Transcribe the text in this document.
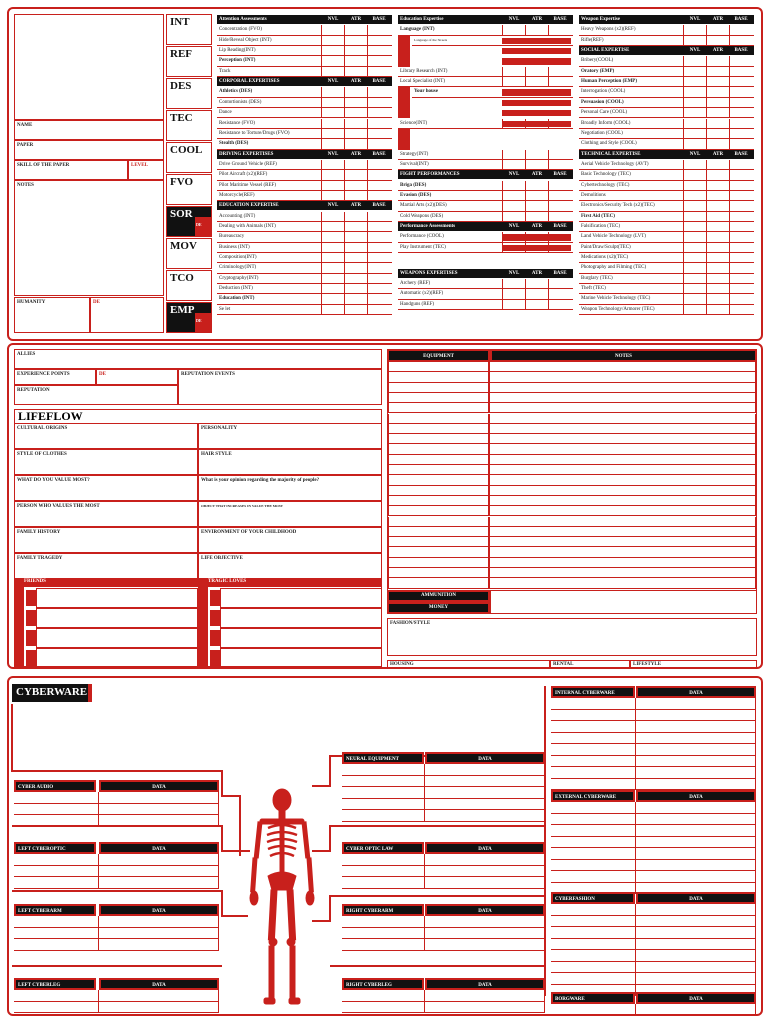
NAME
PAPER
SKILL OF THE PAPER	LEVEL
NOTES
HUMANITY	DE
INT
REF
DES
TEC
COOL
FVO
SOR
DE
MOV
TCO
EMP
DE
Attention Assessments	NVL	ATR	BASE
Concentration (FVO)
Hide/Reveal Object (INT)
Lip Reading(INT)
Perception (INT)
Track
CORPORAL EXPERTISES	NVL	ATR	BASE
Athletics (DES)
Contortionists (DES)
Dance
Resistance (FVO)
Resistance to Torture/Drugs (FVO)
Stealth (DES)
DRIVING EXPERTISES	NVL	ATR	BASE
Drive Ground Vehicle (REF)
Pilot Aircraft (x2)(REF)
Pilot Maritime Vessel (REF)
Motorcycle(REF)
EDUCATION EXPERTISE	NVL	ATR	BASE
Accounting (INT)
Dealing with Animals (INT)
Bureaucracy
Business (INT)
Composition(INT)
Criminology(INT)
Cryptography(INT)
Deduction (INT)
Education (INT)
Se let
Education Expertise	NVL	ATR	BASE
Language (INT)
Language of the Streets
Library Research (INT)
Local Specialist (INT)
Your house
Science(INT)
Strategy(INT)
Survival(INT)
FIGHT PERFORMANCES	NVL	ATR	BASE
Briga (DES)
Evasion (DES)
Martial Arts (x2)(DES)
Cold Weapons (DES)
Performance Assessments	NVL	ATR	BASE
Performance (COOL)
Play Instrument (TEC)
WEAPONS EXPERTISES	NVL	ATR	BASE
Archery (REF)
Automatic (x2)(REF)
Handguns (REF)
Weapon Expertise	NVL	ATR	BASE
Heavy Weapons (x2)(REF)
Rifle(REF)
SOCIAL EXPERTISE	NVL	ATR	BASE
Bribery(COOL)
Oratory (EMP)
Human Perception (EMP)
Interrogation (COOL)
Persuasion (COOL)
Personal Care (COOL)
Broadly Inform (COOL)
Negotiation (COOL)
Clothing and Style (COOL)
TECHNICAL EXPERTISE	NVL	ATR	BASE
Aerial Vehicle Technology (AVT)
Basic Technology (TEC)
Cybertechnology (TEC)
Demolitions
Electronics/Security Tech (x2)(TEC)
First Aid (TEC)
Falsification (TEC)
Land Vehicle Technology (LVT)
Paint/Draw/Sculpt(TEC)
Medications (x2)(TEC)
Photography and Filming (TEC)
Burglary (TEC)
Theft (TEC)
Marine Vehicle Technology (TEC)
Weapon Technology/Armorer (TEC)
ALLIES
EXPERIENCE POINTS	DE	REPUTATION EVENTS
REPUTATION
LIFEFLOW
CULTURAL ORIGINS	PERSONALITY
STYLE OF CLOTHES	HAIR STYLE
WHAT DO YOU VALUE MOST?	What is your opinion regarding the majority of people?
PERSON WHO VALUES THE MOST	OBJECT THAT INCREASES IN VALUE THE MOST
FAMILY HISTORY	ENVIRONMENT OF YOUR CHILDHOOD
FAMILY TRAGEDY	LIFE OBJECTIVE
FRIENDS	TRAGIC LOVES
EQUIPMENT	NOTES
AMMUNITION
MONEY
FASHION/STYLE
HOUSING	RENTAL	LIFESTYLE
CYBERWARE
CYBER AUDIO	DATA
LEFT CYBEROPTIC	DATA
LEFT CYBERARM	DATA
LEFT CYBERLEG	DATA
NEURAL EQUIPMENT	DATA
CYBER OPTIC LAW	DATA
RIGHT CYBERARM	DATA
RIGHT CYBERLEG	DATA
INTERNAL CYBERWARE	DATA
EXTERNAL CYBERWARE	DATA
CYBERFASHION	DATA
BORGWARE	DATA
